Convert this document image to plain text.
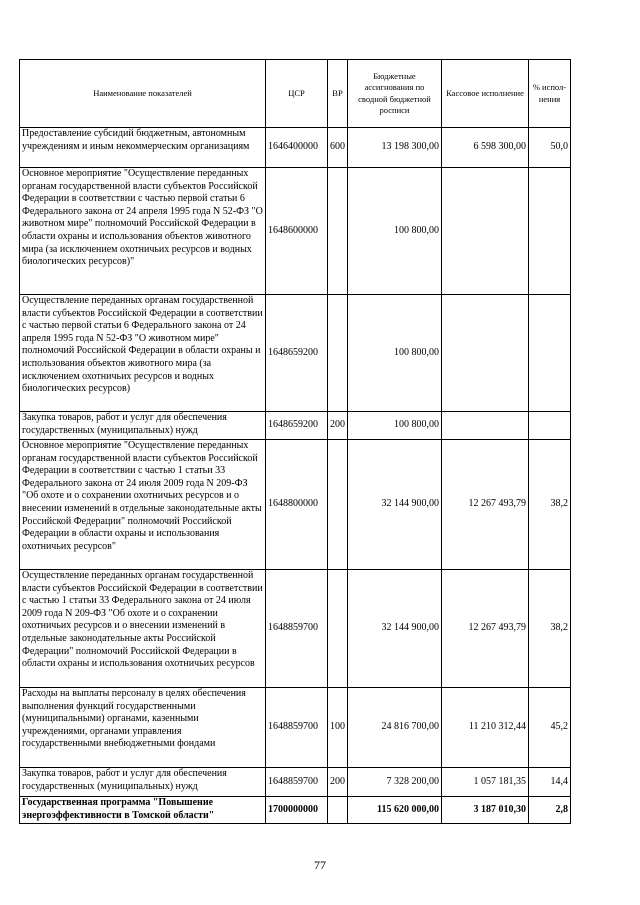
Наименование показателей	ЦСР	ВР	Бюджетные ассигнования по сводной бюджетной росписи	Кассовое исполнение	% испол-нения
Предоставление субсидий бюджетным, автономным учреждениям и иным некоммерческим организациям	1646400000	600	13 198 300,00	6 598 300,00	50,0
Основное мероприятие "Осуществление переданных органам государственной власти субъектов Российской Федерации в соответствии с частью первой статьи 6 Федерального закона от 24 апреля 1995 года N 52-ФЗ "О животном мире" полномочий Российской Федерации в области охраны и использования объектов животного мира (за исключением охотничьих ресурсов и водных биологических ресурсов)"	1648600000		100 800,00		
Осуществление переданных органам государственной власти субъектов Российской Федерации в соответствии с частью первой статьи 6 Федерального закона от 24 апреля 1995 года N 52-ФЗ "О животном мире" полномочий Российской Федерации в области охраны и использования объектов животного мира (за исключением охотничьих ресурсов и водных биологических ресурсов)	1648659200		100 800,00		
Закупка товаров, работ и услуг для обеспечения государственных (муниципальных) нужд	1648659200	200	100 800,00		
Основное мероприятие "Осуществление переданных органам государственной власти субъектов Российской Федерации в соответствии с частью 1 статьи 33 Федерального закона от 24 июля 2009 года N 209-ФЗ "Об охоте и о сохранении охотничьих ресурсов и о внесении изменений в отдельные законодательные акты Российской Федерации" полномочий Российской Федерации в области охраны и использования охотничьих ресурсов"	1648800000		32 144 900,00	12 267 493,79	38,2
Осуществление переданных органам государственной власти субъектов Российской Федерации в соответствии с частью 1 статьи 33 Федерального закона от 24 июля 2009 года N 209-ФЗ "Об охоте и о сохранении охотничьих ресурсов и о внесении изменений в отдельные законодательные акты Российской Федерации" полномочий Российской Федерации в области охраны и использования охотничьих ресурсов	1648859700		32 144 900,00	12 267 493,79	38,2
Расходы на выплаты персоналу в целях обеспечения выполнения функций государственными (муниципальными) органами, казенными учреждениями, органами управления государственными внебюджетными фондами	1648859700	100	24 816 700,00	11 210 312,44	45,2
Закупка товаров, работ и услуг для обеспечения государственных (муниципальных) нужд	1648859700	200	7 328 200,00	1 057 181,35	14,4
Государственная программа "Повышение энергоэффективности в Томской области"	1700000000		115 620 000,00	3 187 010,30	2,8
77
